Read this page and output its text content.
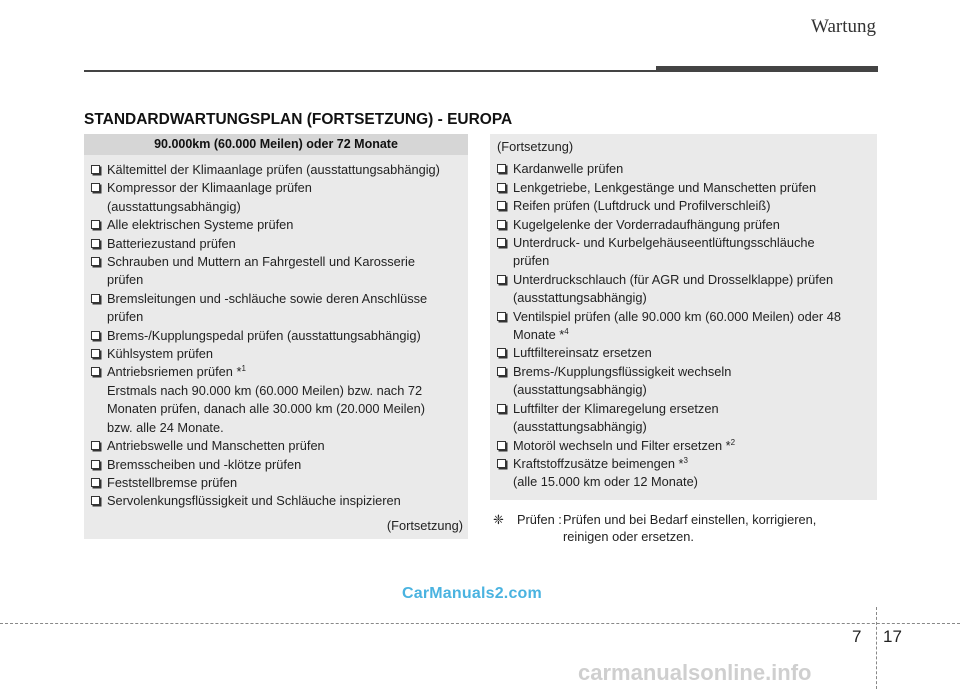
Wartung
STANDARDWARTUNGSPLAN (FORTSETZUNG) - EUROPA
90.000km (60.000 Meilen) oder 72 Monate
Kältemittel der Klimaanlage prüfen (ausstattungsabhängig)
Kompressor der Klimaanlage prüfen
(ausstattungsabhängig)
Alle elektrischen Systeme prüfen
Batteriezustand prüfen
Schrauben und Muttern an Fahrgestell und Karosserie
prüfen
Bremsleitungen und -schläuche sowie deren Anschlüsse
prüfen
Brems-/Kupplungspedal prüfen (ausstattungsabhängig)
Kühlsystem prüfen
Antriebsriemen prüfen *$^1$
Erstmals nach 90.000 km (60.000 Meilen) bzw. nach 72
Monaten prüfen, danach alle 30.000 km (20.000 Meilen)
bzw. alle 24 Monate.
Antriebswelle und Manschetten prüfen
Bremsscheiben und -klötze prüfen
Feststellbremse prüfen
Servolenkungsflüssigkeit und Schläuche inspizieren
(Fortsetzung)
(Fortsetzung)
Kardanwelle prüfen
Lenkgetriebe, Lenkgestänge und Manschetten prüfen
Reifen prüfen (Luftdruck und Profilverschleiß)
Kugelgelenke der Vorderradaufhängung prüfen
Unterdruck- und Kurbelgehäuseentlüftungsschläuche
prüfen
Unterdruckschlauch (für AGR und Drosselklappe) prüfen
(ausstattungsabhängig)
Ventilspiel prüfen (alle 90.000 km (60.000 Meilen) oder 48
Monate *$^4$
Luftfiltereinsatz ersetzen
Brems-/Kupplungsflüssigkeit wechseln
(ausstattungsabhängig)
Luftfilter der Klimaregelung ersetzen
(ausstattungsabhängig)
Motoröl wechseln und Filter ersetzen *$^2$
Kraftstoffzusätze beimengen *$^3$
(alle 15.000 km oder 12 Monate)
❈	Prüfen : Prüfen und bei Bedarf einstellen, korrigieren,
reinigen oder ersetzen.
CarManuals2.com
7 17
carmanualsonline.info
